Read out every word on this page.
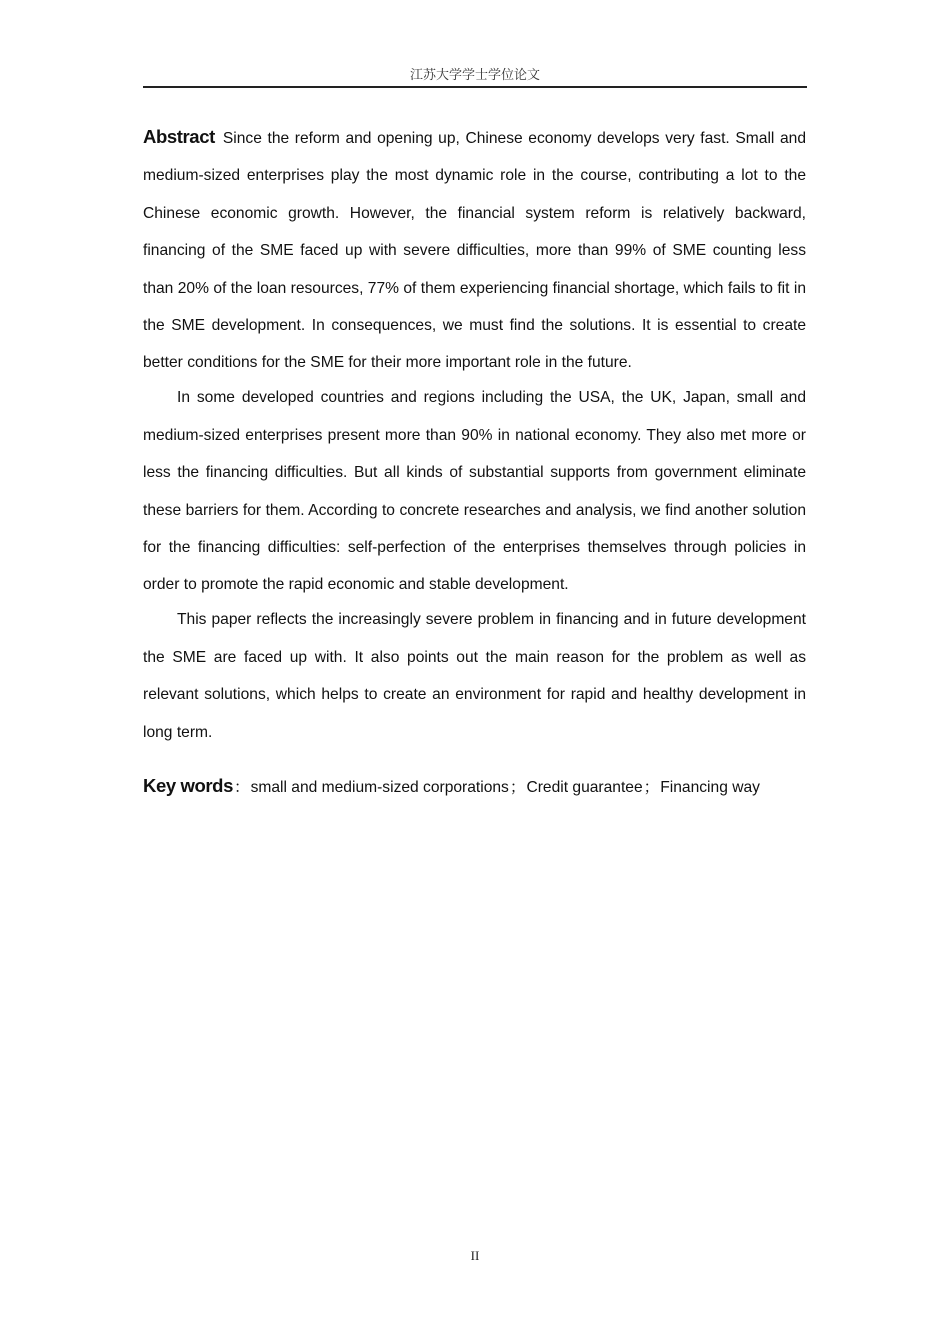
江苏大学学士学位论文

Abstract Since the reform and opening up, Chinese economy develops very fast. Small and medium-sized enterprises play the most dynamic role in the course, contributing a lot to the Chinese economic growth. However, the financial system reform is relatively backward, financing of the SME faced up with severe difficulties, more than 99% of SME counting less than 20% of the loan resources, 77% of them experiencing financial shortage, which fails to fit in the SME development. In consequences, we must find the solutions. It is essential to create better conditions for the SME for their more important role in the future.

In some developed countries and regions including the USA, the UK, Japan, small and medium-sized enterprises present more than 90% in national economy. They also met more or less the financing difficulties. But all kinds of substantial supports from government eliminate these barriers for them. According to concrete researches and analysis, we find another solution for the financing difficulties: self-perfection of the enterprises themselves through policies in order to promote the rapid economic and stable development.

This paper reflects the increasingly severe problem in financing and in future development the SME are faced up with. It also points out the main reason for the problem as well as relevant solutions, which helps to create an environment for rapid and healthy development in long term.

Key words：small and medium-sized corporations；Credit guarantee；Financing way
II
